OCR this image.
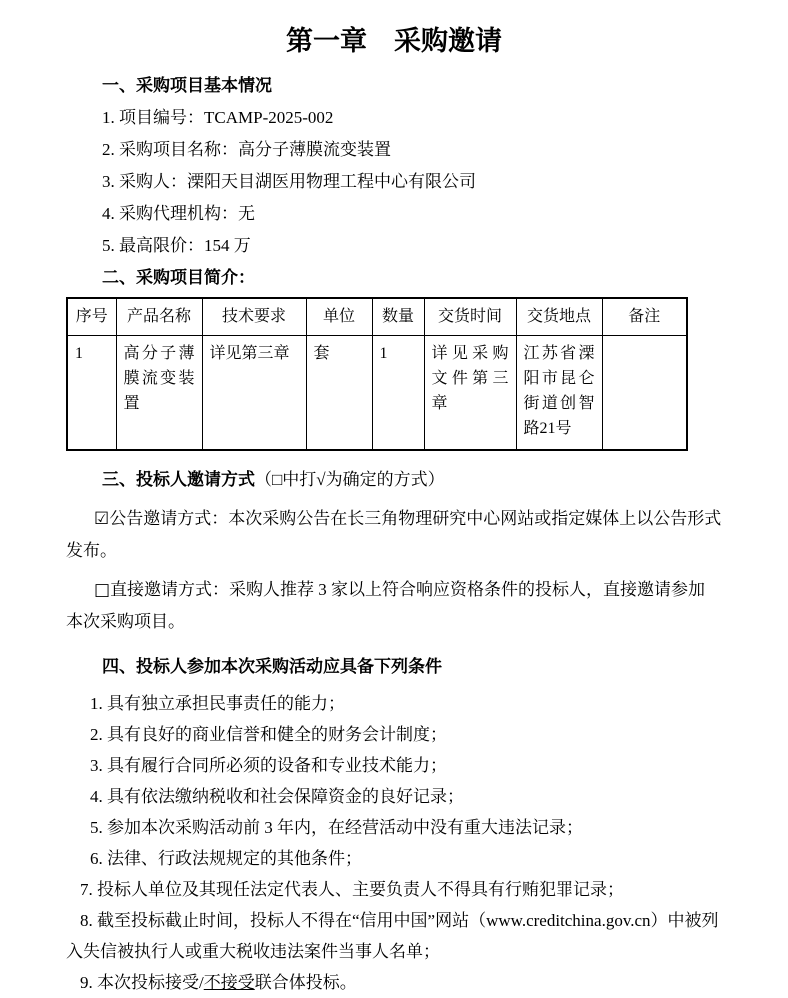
第一章　采购邀请

一、采购项目基本情况

1. 项目编号：TCAMP-2025-002

2. 采购项目名称：高分子薄膜流变装置

3. 采购人：溧阳天目湖医用物理工程中心有限公司

4. 采购代理机构：无

5. 最高限价：154 万

二、采购项目简介：

序号	产品名称	技术要求	单位	数量	交货时间	交货地点	备注
1	高分子薄膜流变装置	详见第三章	套	1	详见采购文件第三章	江苏省溧阳市昆仑街道创智路21号	

三、投标人邀请方式（□中打√为确定的方式）

☑公告邀请方式：本次采购公告在长三角物理研究中心网站或指定媒体上以公告形式发布。

□直接邀请方式：采购人推荐 3 家以上符合响应资格条件的投标人，直接邀请参加本次采购项目。

四、投标人参加本次采购活动应具备下列条件

1. 具有独立承担民事责任的能力；

2. 具有良好的商业信誉和健全的财务会计制度；

3. 具有履行合同所必须的设备和专业技术能力；

4. 具有依法缴纳税收和社会保障资金的良好记录；

5. 参加本次采购活动前 3 年内，在经营活动中没有重大违法记录；

6. 法律、行政法规规定的其他条件；

7. 投标人单位及其现任法定代表人、主要负责人不得具有行贿犯罪记录；

8. 截至投标截止时间，投标人不得在“信用中国”网站（www.creditchina.gov.cn）中被列入失信被执行人或重大税收违法案件当事人名单；

9. 本次投标接受/不接受联合体投标。
